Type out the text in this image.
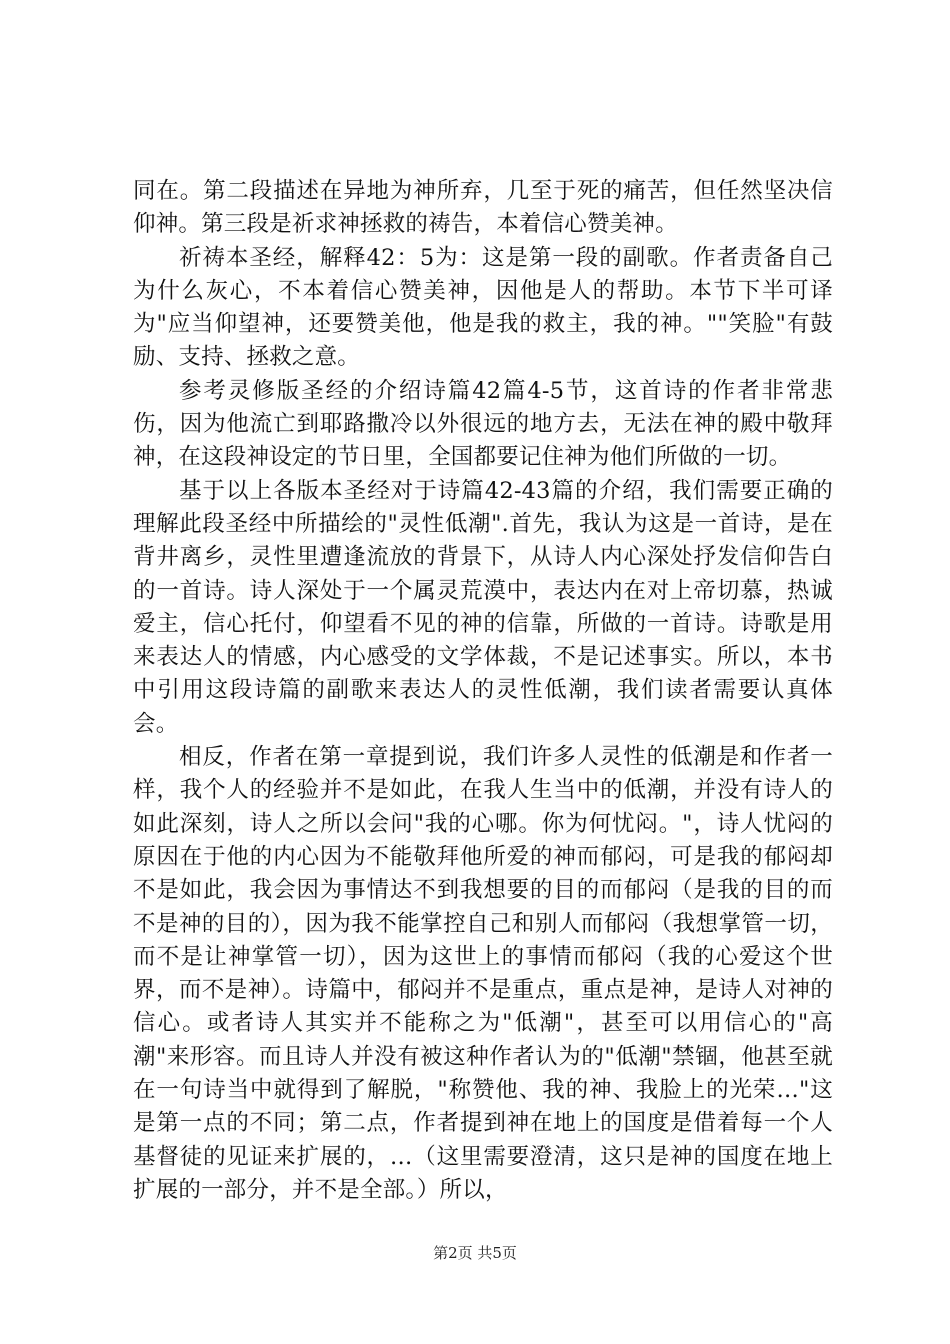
同在。第二段描述在异地为神所弃，几至于死的痛苦，但任然坚决信仰神。第三段是祈求神拯救的祷告，本着信心赞美神。

祈祷本圣经，解释42：5为：这是第一段的副歌。作者责备自己为什么灰心，不本着信心赞美神，因他是人的帮助。本节下半可译为"应当仰望神，还要赞美他，他是我的救主，我的神。""笑脸"有鼓励、支持、拯救之意。

参考灵修版圣经的介绍诗篇42篇4-5节，这首诗的作者非常悲伤，因为他流亡到耶路撒冷以外很远的地方去，无法在神的殿中敬拜神，在这段神设定的节日里，全国都要记住神为他们所做的一切。

基于以上各版本圣经对于诗篇42-43篇的介绍，我们需要正确的理解此段圣经中所描绘的"灵性低潮".首先，我认为这是一首诗，是在背井离乡，灵性里遭逢流放的背景下，从诗人内心深处抒发信仰告白的一首诗。诗人深处于一个属灵荒漠中，表达内在对上帝切慕，热诚爱主，信心托付，仰望看不见的神的信靠，所做的一首诗。诗歌是用来表达人的情感，内心感受的文学体裁，不是记述事实。所以，本书中引用这段诗篇的副歌来表达人的灵性低潮，我们读者需要认真体会。

相反，作者在第一章提到说，我们许多人灵性的低潮是和作者一样，我个人的经验并不是如此，在我人生当中的低潮，并没有诗人的如此深刻，诗人之所以会问"我的心哪。你为何忧闷。"，诗人忧闷的原因在于他的内心因为不能敬拜他所爱的神而郁闷，可是我的郁闷却不是如此，我会因为事情达不到我想要的目的而郁闷（是我的目的而不是神的目的），因为我不能掌控自己和别人而郁闷（我想掌管一切，而不是让神掌管一切），因为这世上的事情而郁闷（我的心爱这个世界，而不是神）。诗篇中，郁闷并不是重点，重点是神，是诗人对神的信心。或者诗人其实并不能称之为"低潮"，甚至可以用信心的"高潮"来形容。而且诗人并没有被这种作者认为的"低潮"禁锢，他甚至就在一句诗当中就得到了解脱，"称赞他、我的神、我脸上的光荣…"这是第一点的不同；第二点，作者提到神在地上的国度是借着每一个人基督徒的见证来扩展的，…（这里需要澄清，这只是神的国度在地上扩展的一部分，并不是全部。）所以，

第2页 共5页
